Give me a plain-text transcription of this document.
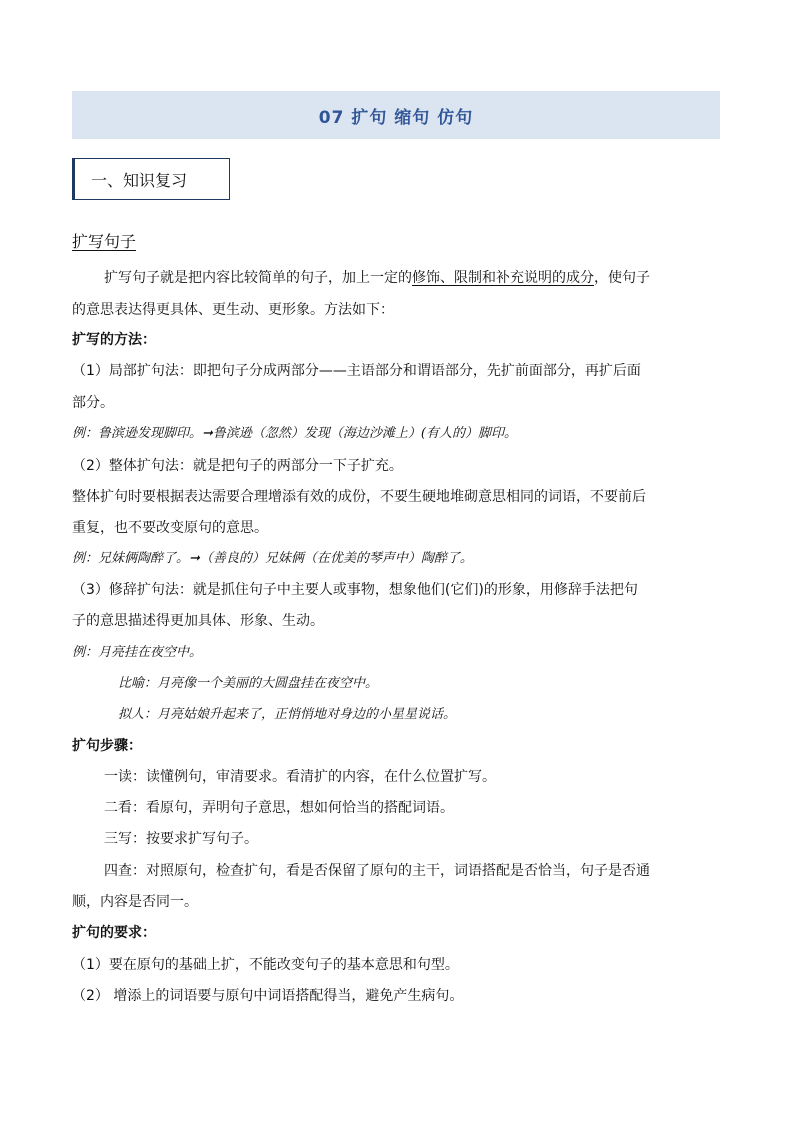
07 扩句 缩句 仿句
一、知识复习
扩写句子
扩写句子就是把内容比较简单的句子，加上一定的修饰、限制和补充说明的成分，使句子
的意思表达得更具体、更生动、更形象。方法如下：
扩写的方法：
（1）局部扩句法：即把句子分成两部分——主语部分和谓语部分，先扩前面部分，再扩后面
部分。
例：鲁滨逊发现脚印。➞鲁滨逊（忽然）发现（海边沙滩上）(有人的）脚印。
（2）整体扩句法：就是把句子的两部分一下子扩充。
整体扩句时要根据表达需要合理增添有效的成份，不要生硬地堆砌意思相同的词语，不要前后
重复，也不要改变原句的意思。
例：兄妹俩陶醉了。➞（善良的）兄妹俩（在优美的琴声中）陶醉了。
（3）修辞扩句法：就是抓住句子中主要人或事物，想象他们(它们)的形象，用修辞手法把句
子的意思描述得更加具体、形象、生动。
例：月亮挂在夜空中。
比喻：月亮像一个美丽的大圆盘挂在夜空中。
拟人：月亮姑娘升起来了，正悄悄地对身边的小星星说话。
扩句步骤：
一读：读懂例句，审清要求。看清扩的内容，在什么位置扩写。
二看：看原句，弄明句子意思，想如何恰当的搭配词语。
三写：按要求扩写句子。
四查：对照原句，检查扩句，看是否保留了原句的主干，词语搭配是否恰当，句子是否通
顺，内容是否同一。
扩句的要求：
（1）要在原句的基础上扩，不能改变句子的基本意思和句型。
（2） 增添上的词语要与原句中词语搭配得当，避免产生病句。
